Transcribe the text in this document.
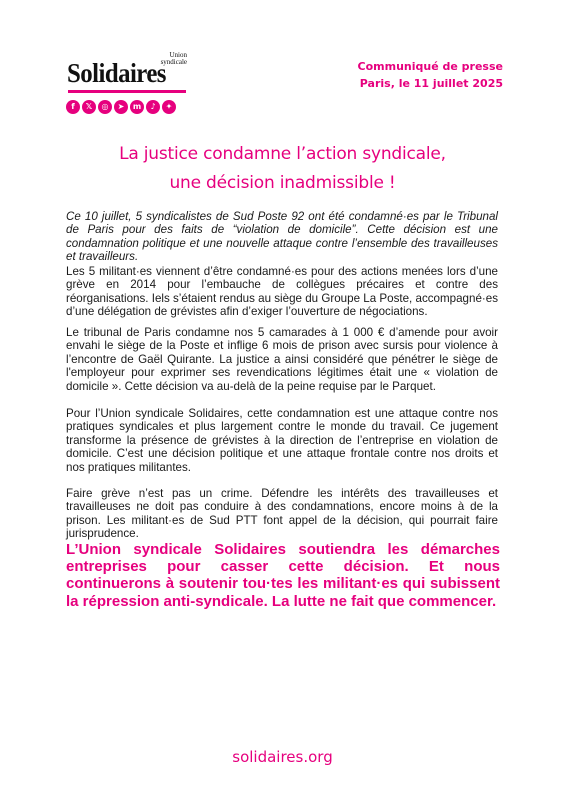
Union
syndicale
Solidaires
f	𝕏	◎	➤	m	♪	✦
Communiqué de presse
Paris, le 11 juillet 2025
La justice condamne l’action syndicale,
une décision inadmissible !

Ce 10 juillet, 5 syndicalistes de Sud Poste 92 ont été condamné·es par le Tribunal de Paris pour des faits de “violation de domicile”. Cette décision est une condamnation politique et une nouvelle attaque contre l’ensemble des travailleuses et travailleurs.

Les 5 militant·es viennent d’être condamné·es pour des actions menées lors d’une grève en 2014 pour l’embauche de collègues précaires et contre des réorganisations. Iels s’étaient rendus au siège du Groupe La Poste, accompagné·es d’une délégation de grévistes afin d’exiger l’ouverture de négociations.

Le tribunal de Paris condamne nos 5 camarades à 1 000 € d’amende pour avoir envahi le siège de la Poste et inflige 6 mois de prison avec sursis pour violence à l’encontre de Gaël Quirante. La justice a ainsi considéré que pénétrer le siège de l'employeur pour exprimer ses revendications légitimes était une « violation de domicile ». Cette décision va au-delà de la peine requise par le Parquet.

Pour l’Union syndicale Solidaires, cette condamnation est une attaque contre nos pratiques syndicales et plus largement contre le monde du travail. Ce jugement transforme la présence de grévistes à la direction de l’entreprise en violation de domicile. C’est une décision politique et une attaque frontale contre nos droits et nos pratiques militantes.

Faire grève n’est pas un crime. Défendre les intérêts des travailleuses et travailleuses ne doit pas conduire à des condamnations, encore moins à de la prison. Les militant·es de Sud PTT font appel de la décision, qui pourrait faire jurisprudence.

L’Union syndicale Solidaires soutiendra les démarches entreprises pour casser cette décision. Et nous continuerons à soutenir tou·tes les militant·es qui subissent la répression anti-syndicale. La lutte ne fait que commencer.

solidaires.org
